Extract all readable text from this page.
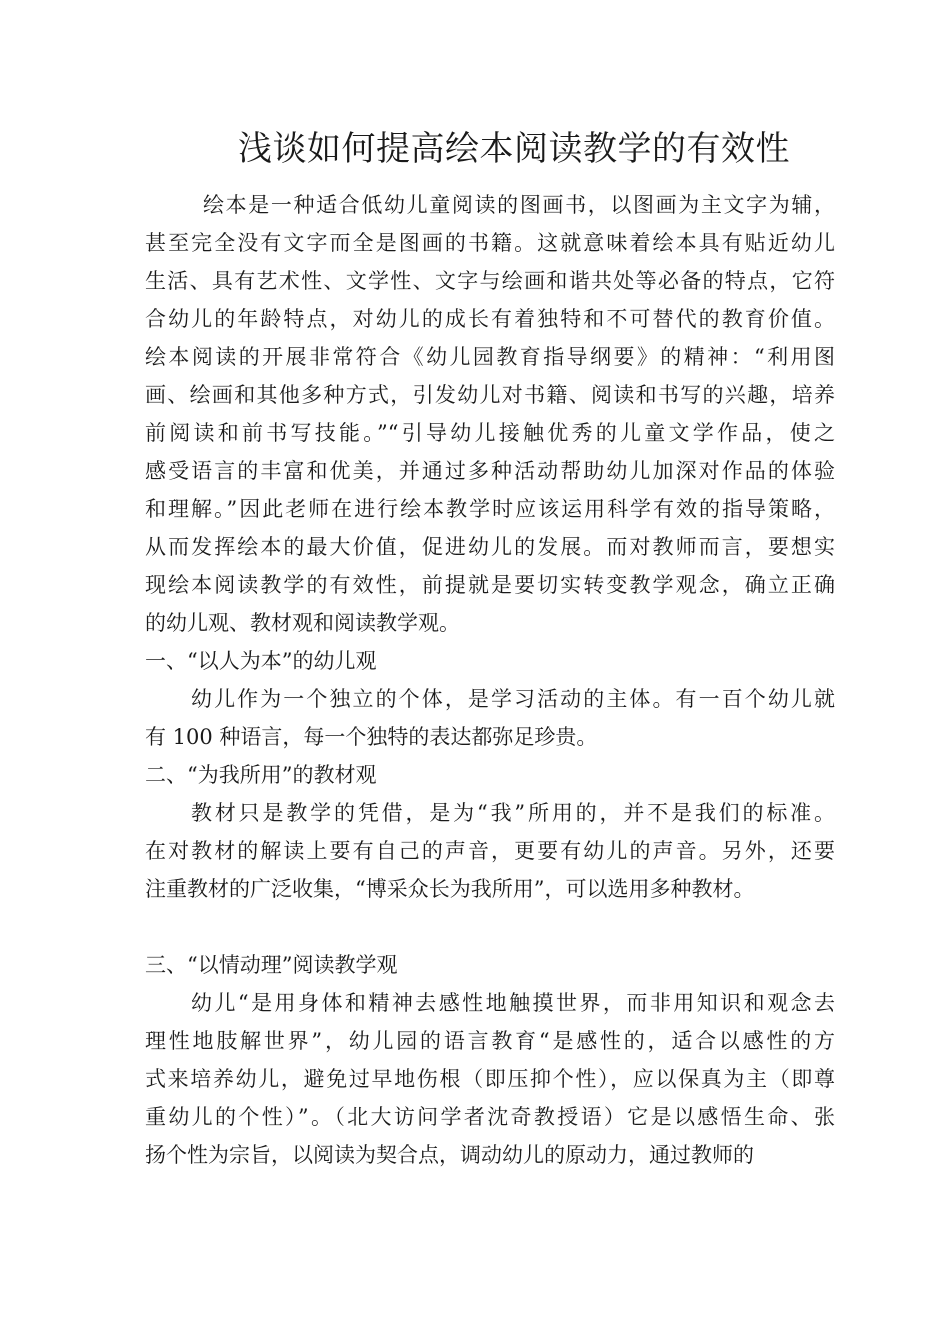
浅谈如何提高绘本阅读教学的有效性
绘本是一种适合低幼儿童阅读的图画书，以图画为主文字为辅，
甚至完全没有文字而全是图画的书籍。这就意味着绘本具有贴近幼儿
生活、具有艺术性、文学性、文字与绘画和谐共处等必备的特点，它符
合幼儿的年龄特点，对幼儿的成长有着独特和不可替代的教育价值。
绘本阅读的开展非常符合《幼儿园教育指导纲要》的精神：“利用图
画、绘画和其他多种方式，引发幼儿对书籍、阅读和书写的兴趣，培养
前阅读和前书写技能。”“引导幼儿接触优秀的儿童文学作品，使之
感受语言的丰富和优美，并通过多种活动帮助幼儿加深对作品的体验
和理解。”因此老师在进行绘本教学时应该运用科学有效的指导策略，
从而发挥绘本的最大价值，促进幼儿的发展。而对教师而言，要想实
现绘本阅读教学的有效性，前提就是要切实转变教学观念，确立正确
的幼儿观、教材观和阅读教学观。
一、“以人为本”的幼儿观
幼儿作为一个独立的个体，是学习活动的主体。有一百个幼儿就
有 100 种语言，每一个独特的表达都弥足珍贵。
二、“为我所用”的教材观
教材只是教学的凭借，是为“我”所用的，并不是我们的标准。
在对教材的解读上要有自己的声音，更要有幼儿的声音。另外，还要
注重教材的广泛收集，“博采众长为我所用”，可以选用多种教材。
三、“以情动理”阅读教学观
幼儿“是用身体和精神去感性地触摸世界，而非用知识和观念去
理性地肢解世界”，幼儿园的语言教育“是感性的，适合以感性的方
式来培养幼儿，避免过早地伤根（即压抑个性），应以保真为主（即尊
重幼儿的个性）”。（北大访问学者沈奇教授语）它是以感悟生命、张
扬个性为宗旨，以阅读为契合点，调动幼儿的原动力，通过教师的
